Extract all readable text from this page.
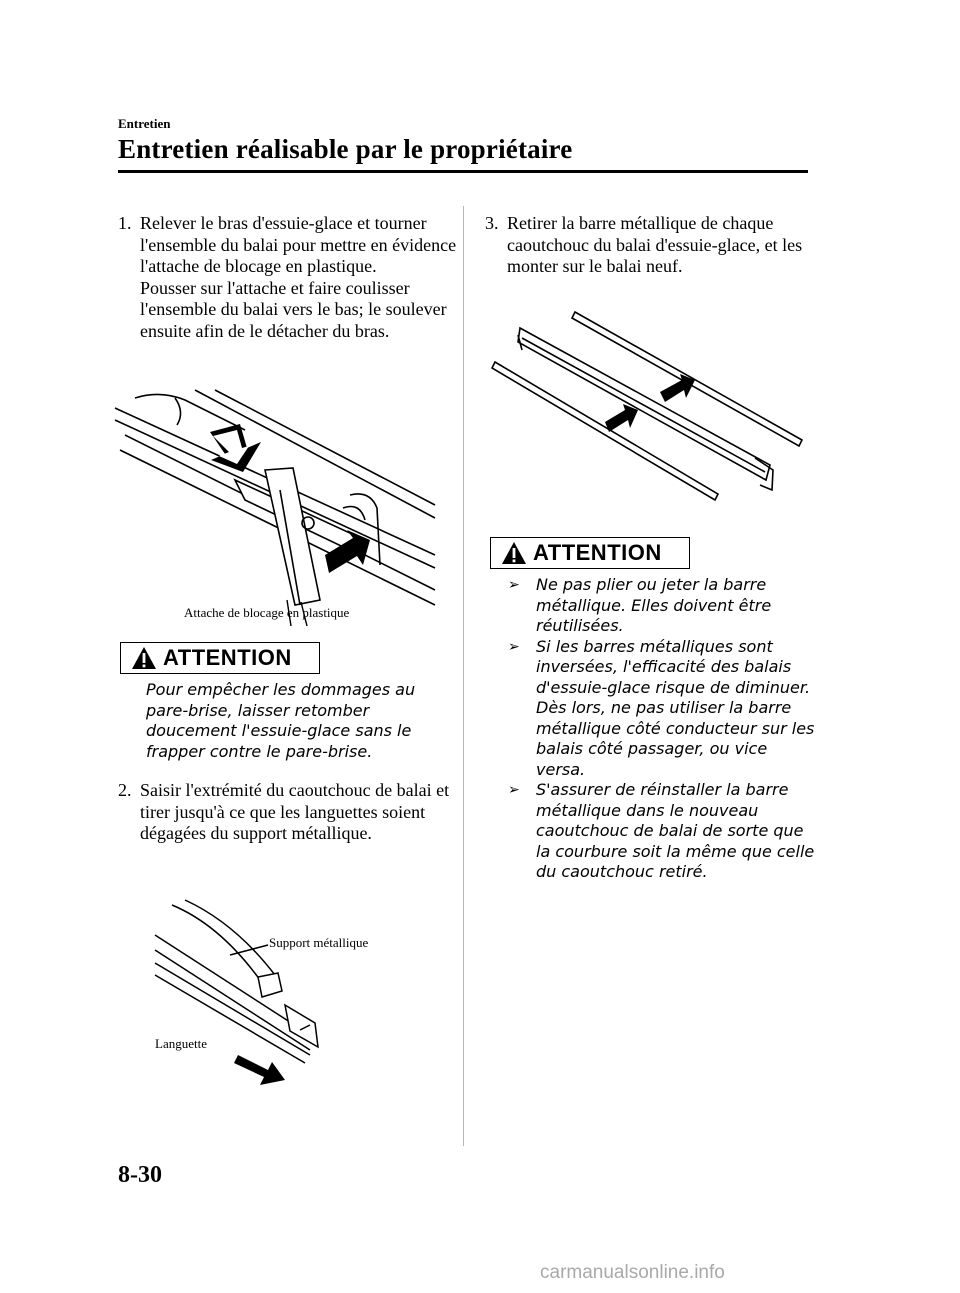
Entretien
Entretien réalisable par le propriétaire
1. Relever le bras d'essuie-glace et tourner l'ensemble du balai pour mettre en évidence l'attache de blocage en plastique.

Pousser sur l'attache et faire coulisser l'ensemble du balai vers le bas; le soulever ensuite afin de le détacher du bras.

Attache de blocage en plastique
ATTENTION
Pour empêcher les dommages au pare-brise, laisser retomber doucement l'essuie-glace sans le frapper contre le pare-brise.
2. Saisir l'extrémité du caoutchouc de balai et tirer jusqu'à ce que les languettes soient dégagées du support métallique.

Support métallique
Languette
3. Retirer la barre métallique de chaque caoutchouc du balai d'essuie-glace, et les monter sur le balai neuf.

ATTENTION
➢ Ne pas plier ou jeter la barre métallique. Elles doivent être réutilisées.
➢ Si les barres métalliques sont inversées, l'efficacité des balais d'essuie-glace risque de diminuer. Dès lors, ne pas utiliser la barre métallique côté conducteur sur les balais côté passager, ou vice versa.
➢ S'assurer de réinstaller la barre métallique dans le nouveau caoutchouc de balai de sorte que la courbure soit la même que celle du caoutchouc retiré.
8-30
carmanualsonline.info
